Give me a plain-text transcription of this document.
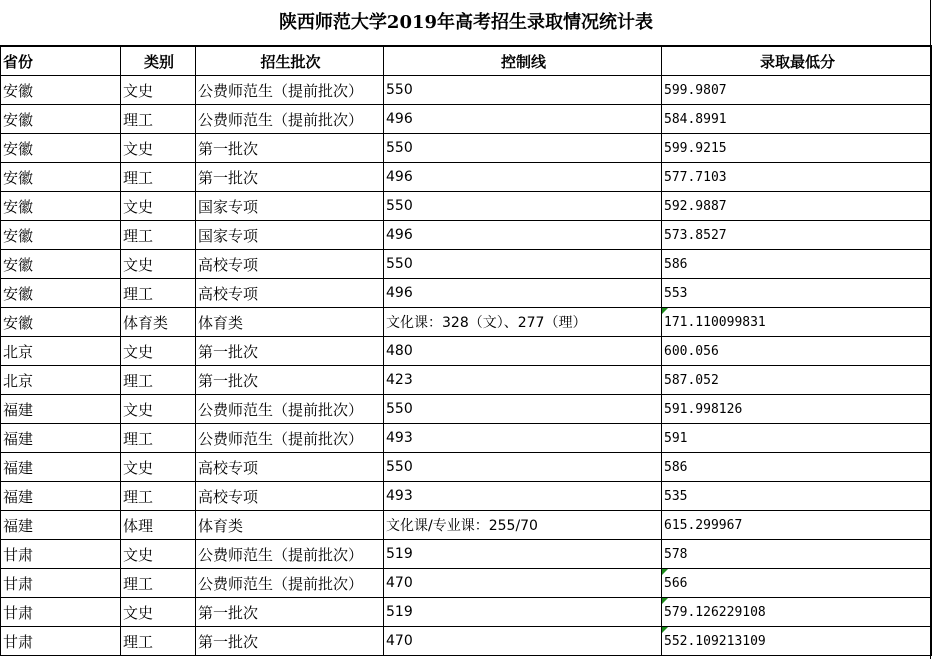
陕西师范大学2019年高考招生录取情况统计表
省份	类别	招生批次	控制线	录取最低分
安徽	文史	公费师范生（提前批次）	550	599.9807
安徽	理工	公费师范生（提前批次）	496	584.8991
安徽	文史	第一批次	550	599.9215
安徽	理工	第一批次	496	577.7103
安徽	文史	国家专项	550	592.9887
安徽	理工	国家专项	496	573.8527
安徽	文史	高校专项	550	586
安徽	理工	高校专项	496	553
安徽	体育类	体育类	文化课：328（文）、277（理）	171.110099831
北京	文史	第一批次	480	600.056
北京	理工	第一批次	423	587.052
福建	文史	公费师范生（提前批次）	550	591.998126
福建	理工	公费师范生（提前批次）	493	591
福建	文史	高校专项	550	586
福建	理工	高校专项	493	535
福建	体理	体育类	文化课/专业课：255/70	615.299967
甘肃	文史	公费师范生（提前批次）	519	578
甘肃	理工	公费师范生（提前批次）	470	566
甘肃	文史	第一批次	519	579.126229108
甘肃	理工	第一批次	470	552.109213109
